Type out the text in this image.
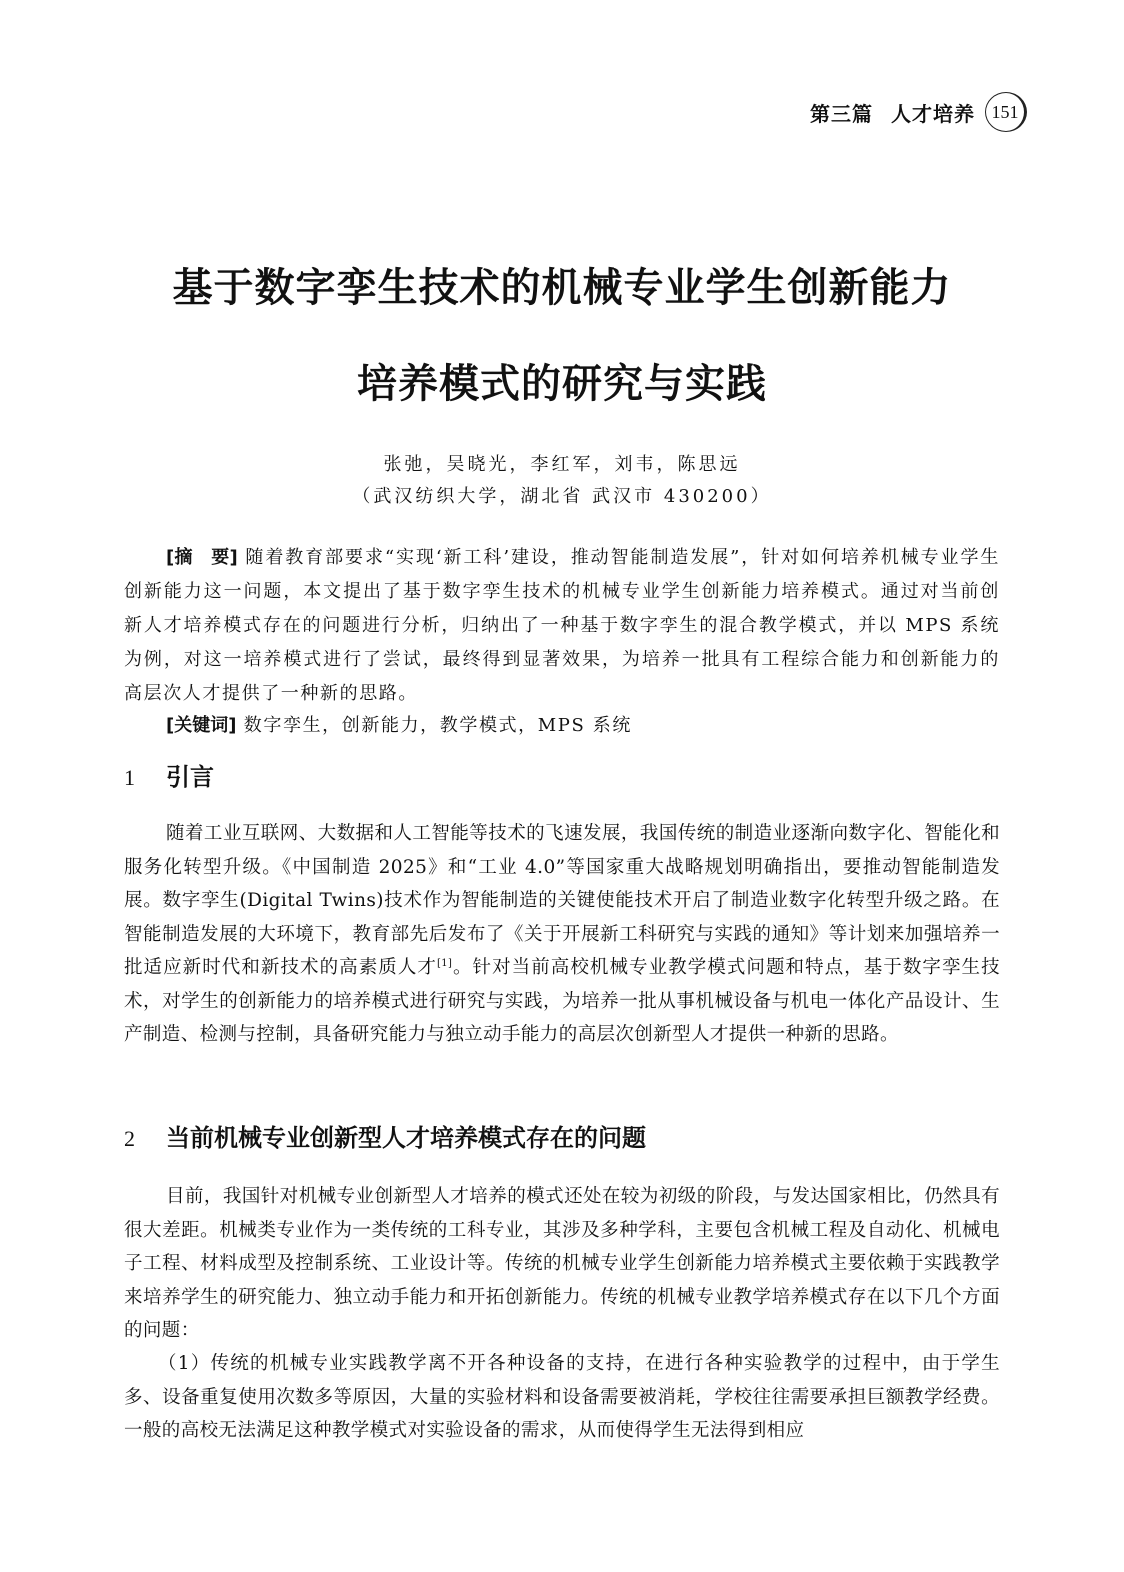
第三篇 人才培养 151
基于数字孪生技术的机械专业学生创新能力
培养模式的研究与实践
张弛，吴晓光，李红军，刘韦，陈思远
（武汉纺织大学，湖北省 武汉市 430200）
[摘　要] 随着教育部要求“实现‘新工科’建设，推动智能制造发展”，针对如何培养机械专业学生创新能力这一问题，本文提出了基于数字孪生技术的机械专业学生创新能力培养模式。通过对当前创新人才培养模式存在的问题进行分析，归纳出了一种基于数字孪生的混合教学模式，并以 MPS 系统为例，对这一培养模式进行了尝试，最终得到显著效果，为培养一批具有工程综合能力和创新能力的高层次人才提供了一种新的思路。
[关键词] 数字孪生，创新能力，教学模式，MPS 系统
1	引言
随着工业互联网、大数据和人工智能等技术的飞速发展，我国传统的制造业逐渐向数字化、智能化和服务化转型升级。《中国制造 2025》和“工业 4.0”等国家重大战略规划明确指出，要推动智能制造发展。数字孪生(Digital Twins)技术作为智能制造的关键使能技术开启了制造业数字化转型升级之路。在智能制造发展的大环境下，教育部先后发布了《关于开展新工科研究与实践的通知》等计划来加强培养一批适应新时代和新技术的高素质人才[1]。针对当前高校机械专业教学模式问题和特点，基于数字孪生技术，对学生的创新能力的培养模式进行研究与实践，为培养一批从事机械设备与机电一体化产品设计、生产制造、检测与控制，具备研究能力与独立动手能力的高层次创新型人才提供一种新的思路。
2	当前机械专业创新型人才培养模式存在的问题
目前，我国针对机械专业创新型人才培养的模式还处在较为初级的阶段，与发达国家相比，仍然具有很大差距。机械类专业作为一类传统的工科专业，其涉及多种学科，主要包含机械工程及自动化、机械电子工程、材料成型及控制系统、工业设计等。传统的机械专业学生创新能力培养模式主要依赖于实践教学来培养学生的研究能力、独立动手能力和开拓创新能力。传统的机械专业教学培养模式存在以下几个方面的问题：
（1）传统的机械专业实践教学离不开各种设备的支持，在进行各种实验教学的过程中，由于学生多、设备重复使用次数多等原因，大量的实验材料和设备需要被消耗，学校往往需要承担巨额教学经费。一般的高校无法满足这种教学模式对实验设备的需求，从而使得学生无法得到相应
